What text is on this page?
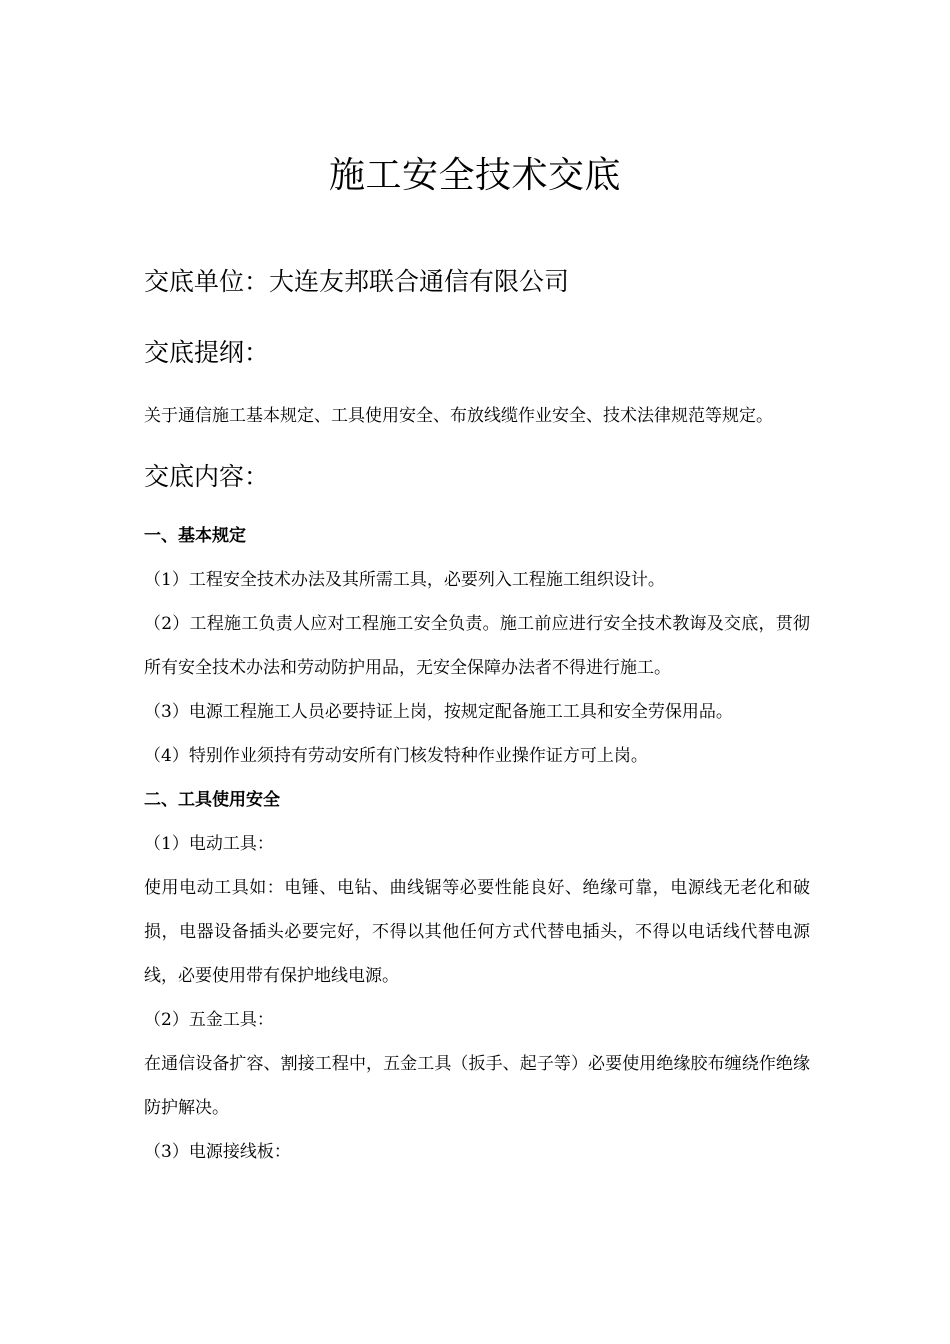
施工安全技术交底
交底单位：大连友邦联合通信有限公司
交底提纲：

关于通信施工基本规定、工具使用安全、布放线缆作业安全、技术法律规范等规定。

交底内容：

一、基本规定

（1）工程安全技术办法及其所需工具，必要列入工程施工组织设计。

（2）工程施工负责人应对工程施工安全负责。施工前应进行安全技术教诲及交底，贯彻所有安全技术办法和劳动防护用品，无安全保障办法者不得进行施工。

（3）电源工程施工人员必要持证上岗，按规定配备施工工具和安全劳保用品。

（4）特别作业须持有劳动安所有门核发特种作业操作证方可上岗。

二、工具使用安全

（1）电动工具：

使用电动工具如：电锤、电钻、曲线锯等必要性能良好、绝缘可靠，电源线无老化和破损，电器设备插头必要完好，不得以其他任何方式代替电插头，不得以电话线代替电源线，必要使用带有保护地线电源。

（2）五金工具：

在通信设备扩容、割接工程中，五金工具（扳手、起子等）必要使用绝缘胶布缠绕作绝缘防护解决。

（3）电源接线板：
